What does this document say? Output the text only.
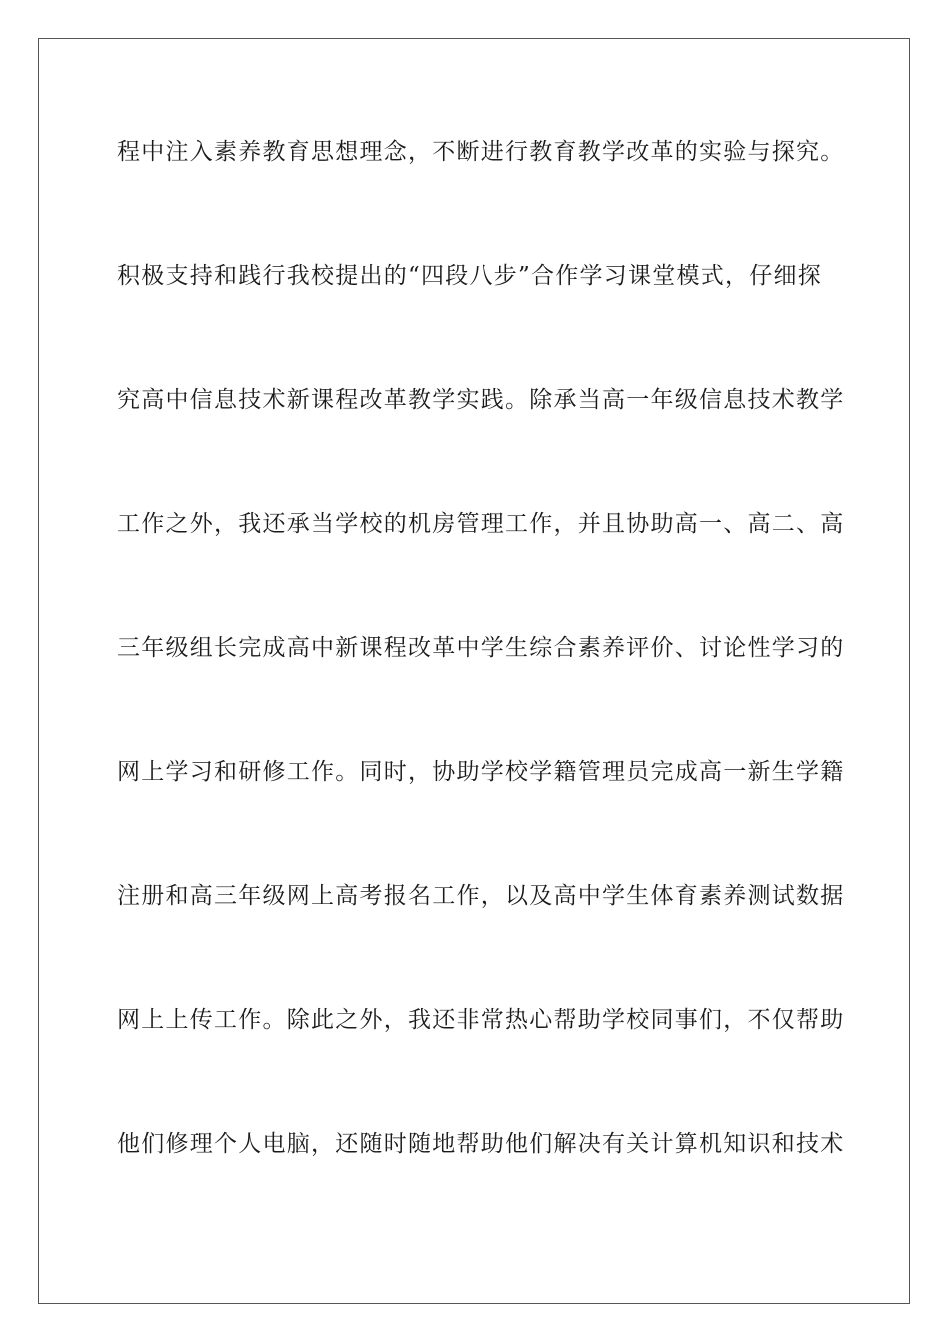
程中注入素养教育思想理念，不断进行教育教学改革的实验与探究。
积极支持和践行我校提出的“四段八步”合作学习课堂模式，仔细探
究高中信息技术新课程改革教学实践。除承当高一年级信息技术教学
工作之外，我还承当学校的机房管理工作，并且协助高一、高二、高
三年级组长完成高中新课程改革中学生综合素养评价、讨论性学习的
网上学习和研修工作。同时，协助学校学籍管理员完成高一新生学籍
注册和高三年级网上高考报名工作，以及高中学生体育素养测试数据
网上上传工作。除此之外，我还非常热心帮助学校同事们，不仅帮助
他们修理个人电脑，还随时随地帮助他们解决有关计算机知识和技术
